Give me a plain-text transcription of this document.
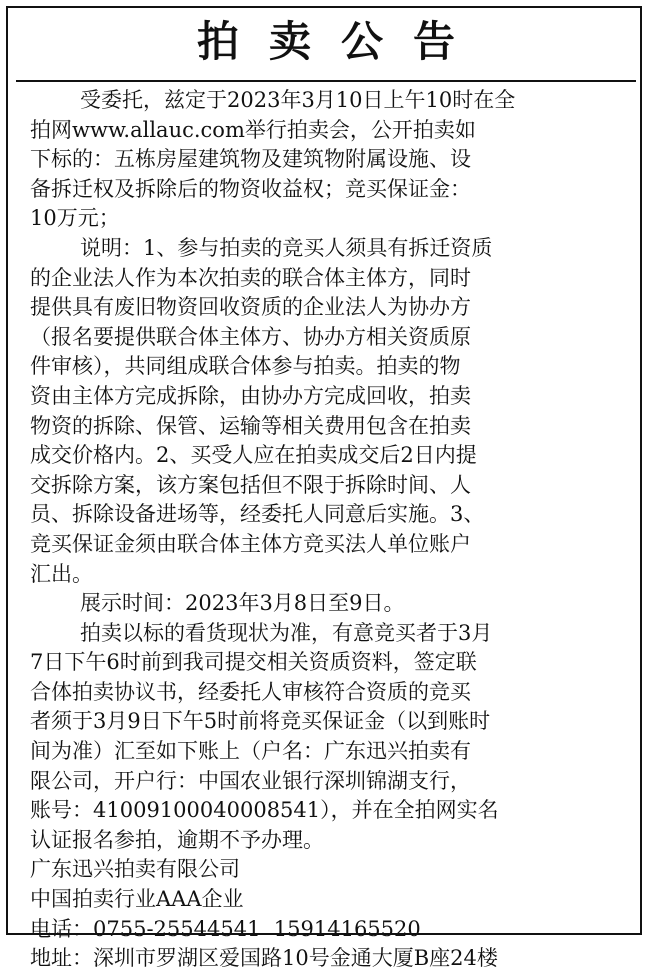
拍卖公告
受委托，兹定于2023年3月10日上午10时在全
拍网www.allauc.com举行拍卖会，公开拍卖如
下标的：五栋房屋建筑物及建筑物附属设施、设
备拆迁权及拆除后的物资收益权；竞买保证金：
10万元；
说明：1、参与拍卖的竞买人须具有拆迁资质
的企业法人作为本次拍卖的联合体主体方，同时
提供具有废旧物资回收资质的企业法人为协办方
（报名要提供联合体主体方、协办方相关资质原
件审核），共同组成联合体参与拍卖。拍卖的物
资由主体方完成拆除，由协办方完成回收，拍卖
物资的拆除、保管、运输等相关费用包含在拍卖
成交价格内。2、买受人应在拍卖成交后2日内提
交拆除方案，该方案包括但不限于拆除时间、人
员、拆除设备进场等，经委托人同意后实施。3、
竞买保证金须由联合体主体方竞买法人单位账户
汇出。
展示时间：2023年3月8日至9日。
拍卖以标的看货现状为准，有意竞买者于3月
7日下午6时前到我司提交相关资质资料，签定联
合体拍卖协议书，经委托人审核符合资质的竞买
者须于3月9日下午5时前将竞买保证金（以到账时
间为准）汇至如下账上（户名：广东迅兴拍卖有
限公司，开户行：中国农业银行深圳锦湖支行，
账号：41009100040008541），并在全拍网实名
认证报名参拍，逾期不予办理。
广东迅兴拍卖有限公司
中国拍卖行业AAA企业
电话：0755-25544541  15914165520
地址：深圳市罗湖区爱国路10号金通大厦B座24楼
